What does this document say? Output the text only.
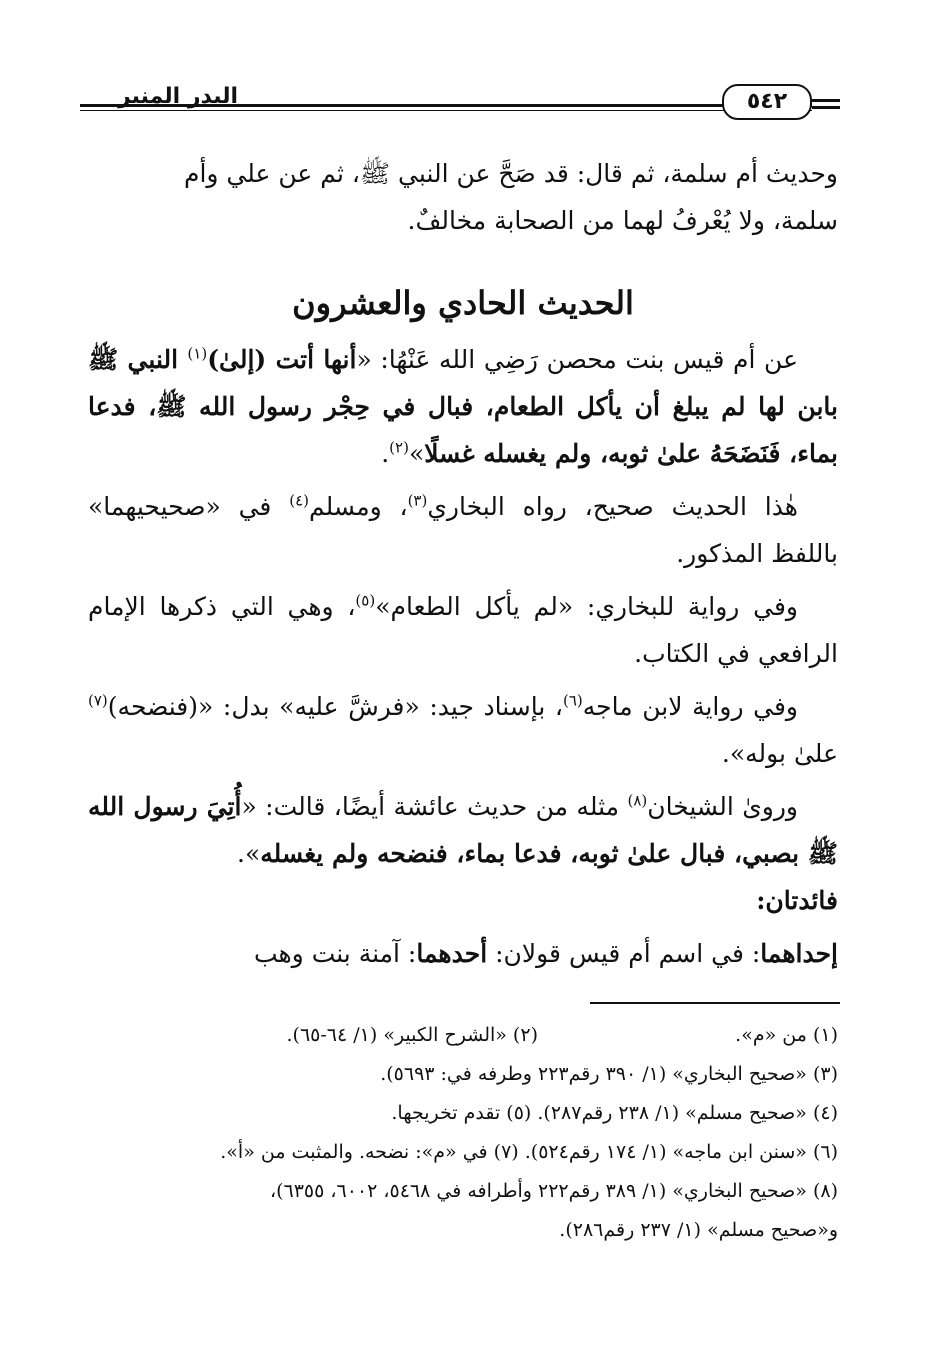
البدر المنير	٥٤٢

وحديث أم سلمة، ثم قال: قد صَحَّ عن النبي ﷺ، ثم عن علي وأم

سلمة، ولا يُعْرفُ لهما من الصحابة مخالفٌ.

الحديث الحادي والعشرون

عن أم قيس بنت محصن رَضِي الله عَنْهُا: «أنها أتت (إلىٰ)$^{(١)}$ النبي ﷺ بابن لها لم يبلغ أن يأكل الطعام، فبال في حِجْر رسول الله ﷺ، فدعا بماء، فَنَضَحَهُ علىٰ ثوبه، ولم يغسله غسلًا»$^{(٢)}$.

هٰذا الحديث صحيح، رواه البخاري$^{(٣)}$، ومسلم$^{(٤)}$ في «صحيحيهما» باللفظ المذكور.

وفي رواية للبخاري: «لم يأكل الطعام»$^{(٥)}$، وهي التي ذكرها الإمام الرافعي في الكتاب.

وفي رواية لابن ماجه$^{(٦)}$، بإسناد جيد: «فرشَّ عليه» بدل: «(فنضحه)$^{(٧)}$ علىٰ بوله».

ورویٰ الشيخان$^{(٨)}$ مثله من حديث عائشة أيضًا، قالت: «أُتِيَ رسول الله ﷺ بصبي، فبال علىٰ ثوبه، فدعا بماء، فنضحه ولم يغسله».

فائدتان:

إحداهما: في اسم أم قيس قولان: أحدهما: آمنة بنت وهب

(١) من «م».
(٢) «الشرح الكبير» (١/ ٦٤-٦٥).

(٣) «صحيح البخاري» (١/ ٣٩٠ رقم٢٢٣ وطرفه في: ٥٦٩٣).

(٤) «صحيح مسلم» (١/ ٢٣٨ رقم٢٨٧). (٥) تقدم تخريجها.

(٦) «سنن ابن ماجه» (١/ ١٧٤ رقم٥٢٤). (٧) في «م»: نضحه. والمثبت من «أ».

(٨) «صحيح البخاري» (١/ ٣٨٩ رقم٢٢٢ وأطرافه في ٥٤٦٨، ٦٠٠٢، ٦٣٥٥)،

و«صحيح مسلم» (١/ ٢٣٧ رقم٢٨٦).
